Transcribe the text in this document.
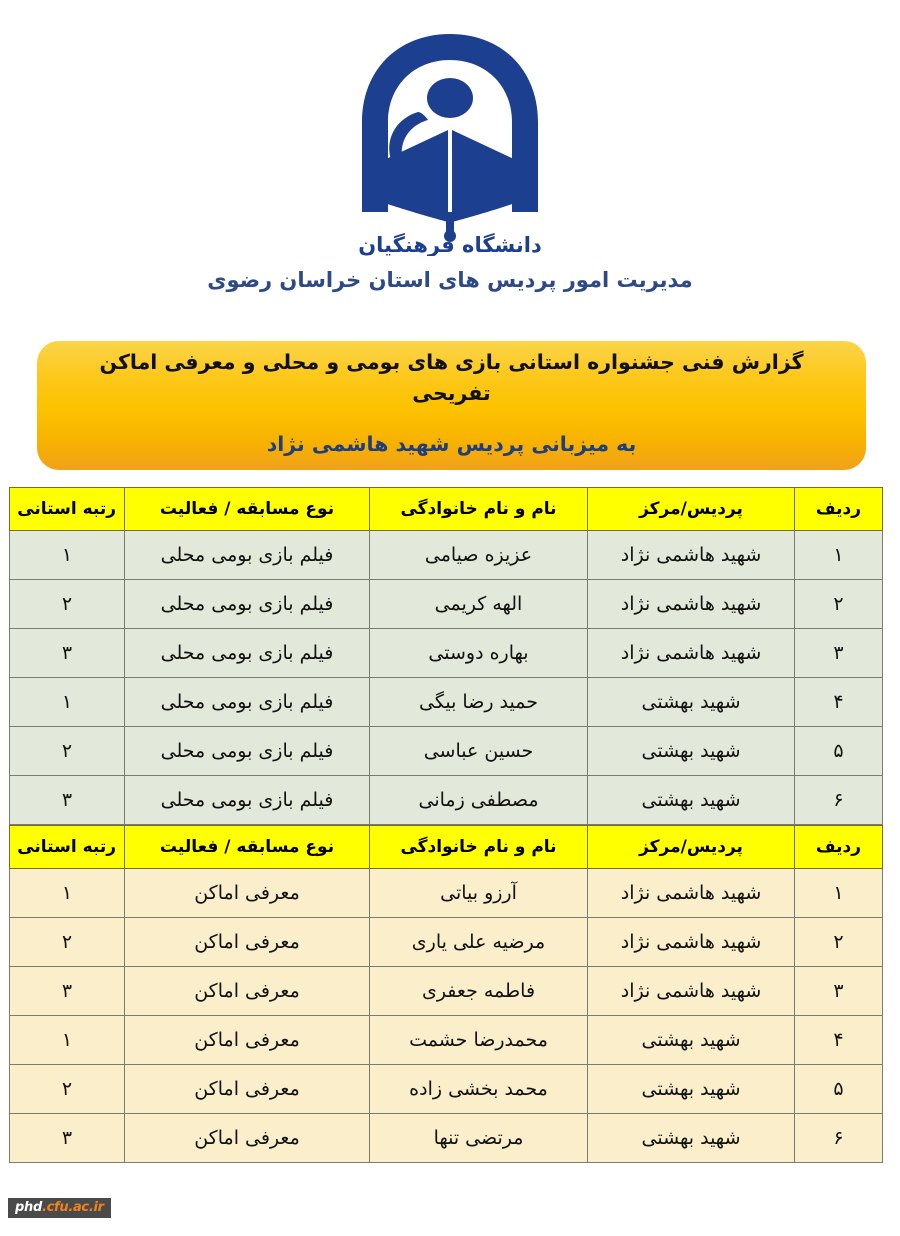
دانشگاه فرهنگیان
مدیریت امور پردیس های استان خراسان رضوی
گزارش فنی جشنواره استانی بازی های بومی و محلی و معرفی اماکن تفریحی
به میزبانی پردیس شهید هاشمی نژاد
ردیف	پردیس/مرکز	نام و نام خانوادگی	نوع مسابقه / فعالیت	رتبه استانی
۱	شهید هاشمی نژاد	عزیزه صیامی	فیلم بازی بومی محلی	۱
۲	شهید هاشمی نژاد	الهه کریمی	فیلم بازی بومی محلی	۲
۳	شهید هاشمی نژاد	بهاره دوستی	فیلم بازی بومی محلی	۳
۴	شهید بهشتی	حمید رضا بیگی	فیلم بازی بومی محلی	۱
۵	شهید بهشتی	حسین عباسی	فیلم بازی بومی محلی	۲
۶	شهید بهشتی	مصطفی زمانی	فیلم بازی بومی محلی	۳
ردیف	پردیس/مرکز	نام و نام خانوادگی	نوع مسابقه / فعالیت	رتبه استانی
۱	شهید هاشمی نژاد	آرزو بیاتی	معرفی اماکن	۱
۲	شهید هاشمی نژاد	مرضیه علی یاری	معرفی اماکن	۲
۳	شهید هاشمی نژاد	فاطمه جعفری	معرفی اماکن	۳
۴	شهید بهشتی	محمدرضا حشمت	معرفی اماکن	۱
۵	شهید بهشتی	محمد بخشی زاده	معرفی اماکن	۲
۶	شهید بهشتی	مرتضی تنها	معرفی اماکن	۳
phd.cfu.ac.ir
